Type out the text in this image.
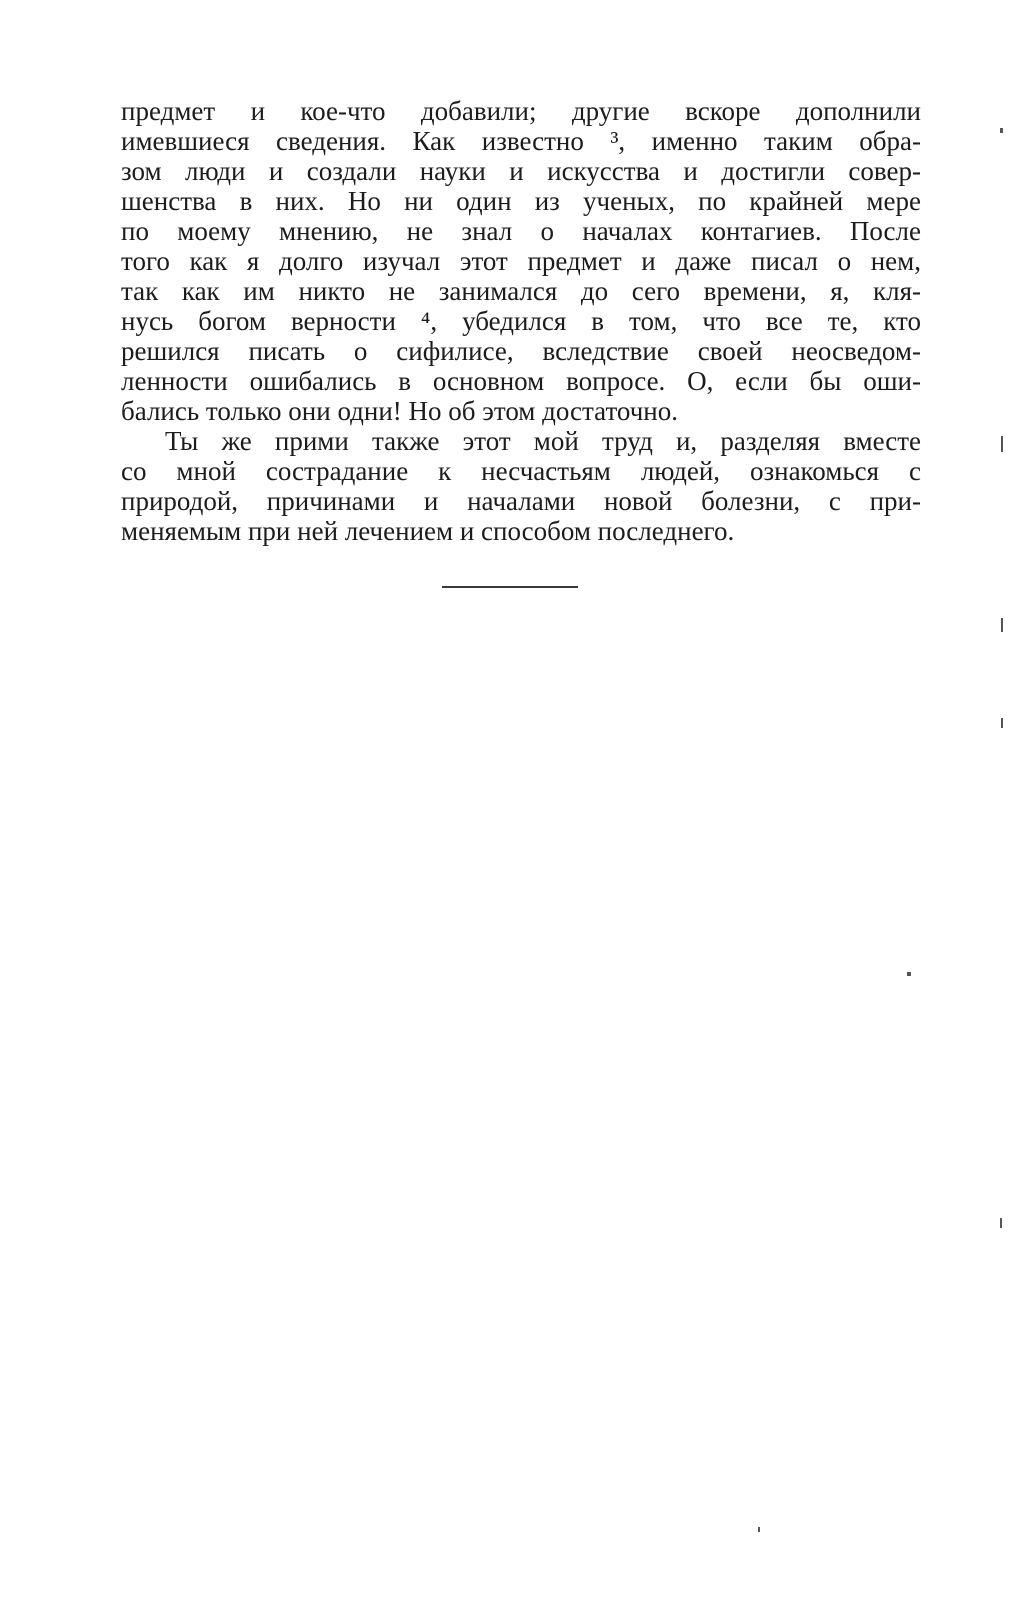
предмет и кое-что добавили; другие вскоре дополнили
имевшиеся сведения. Как известно ³, именно таким обра-
зом люди и создали науки и искусства и достигли совер-
шенства в них. Но ни один из ученых, по крайней мере
по моему мнению, не знал о началах контагиев. После
того как я долго изучал этот предмет и даже писал о нем,
так как им никто не занимался до сего времени, я, кля-
нусь богом верности ⁴, убедился в том, что все те, кто
решился писать о сифилисе, вследствие своей неосведом-
ленности ошибались в основном вопросе. О, если бы оши-
бались только они одни! Но об этом достаточно.
Ты же прими также этот мой труд и, разделяя вместе
со мной сострадание к несчастьям людей, ознакомься с
природой, причинами и началами новой болезни, с при-
меняемым при ней лечением и способом последнего.
